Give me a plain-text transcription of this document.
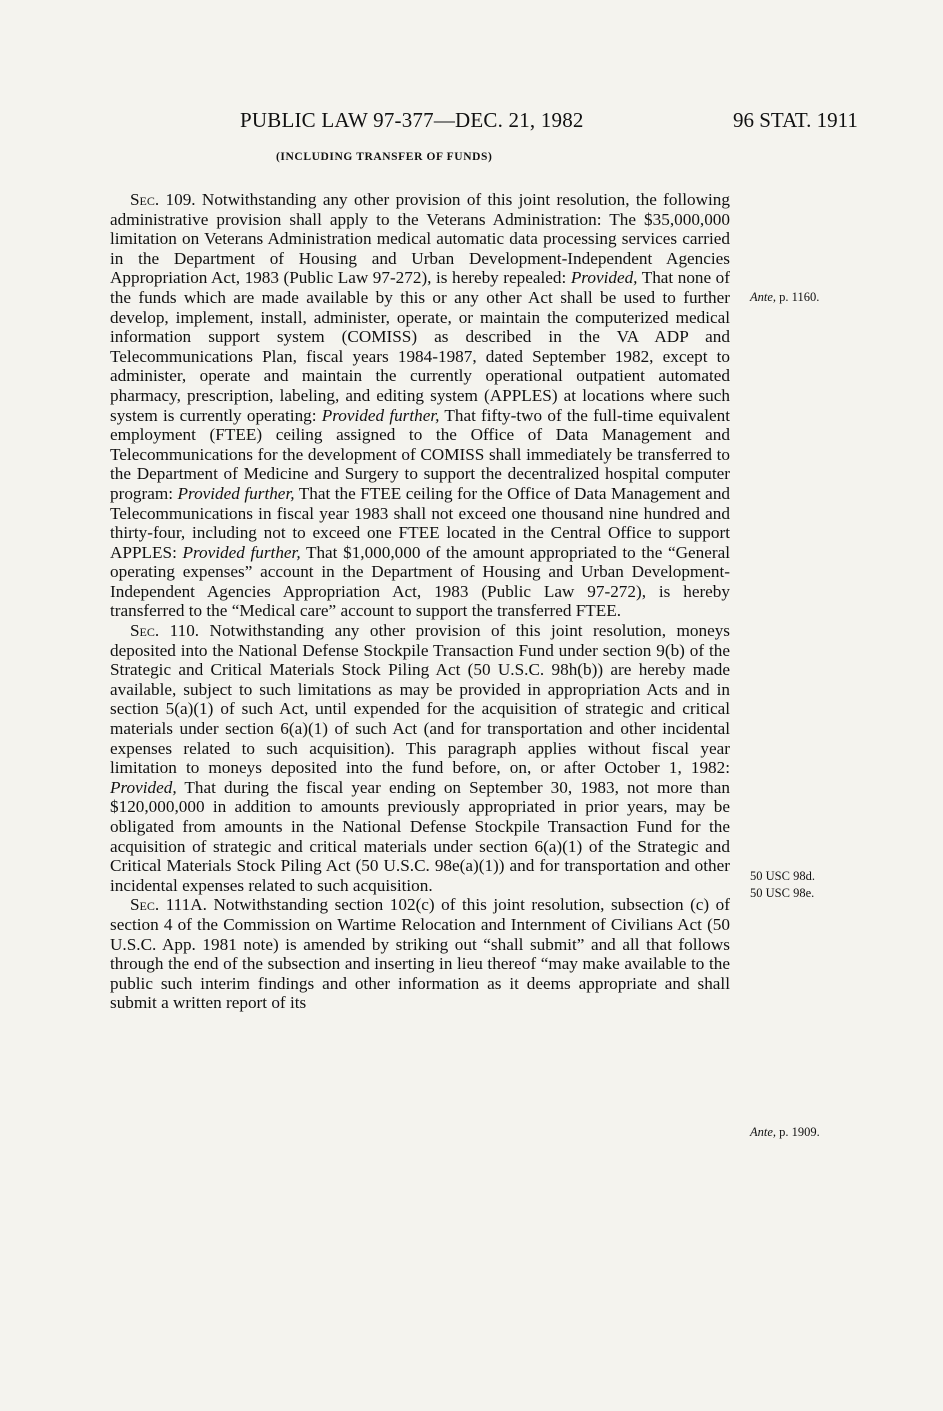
PUBLIC LAW 97-377—DEC. 21, 1982	96 STAT. 1911
(INCLUDING TRANSFER OF FUNDS)

Sec. 109. Notwithstanding any other provision of this joint resolution, the following administrative provision shall apply to the Veterans Administration: The $35,000,000 limitation on Veterans Administration medical automatic data processing services carried in the Department of Housing and Urban Development-Independent Agencies Appropriation Act, 1983 (Public Law 97-272), is hereby repealed: Provided, That none of the funds which are made available by this or any other Act shall be used to further develop, implement, install, administer, operate, or maintain the computerized medical information support system (COMISS) as described in the VA ADP and Telecommunications Plan, fiscal years 1984-1987, dated September 1982, except to administer, operate and maintain the currently operational outpatient automated pharmacy, prescription, labeling, and editing system (APPLES) at locations where such system is currently operating: Provided further, That fifty-two of the full-time equivalent employment (FTEE) ceiling assigned to the Office of Data Management and Telecommunications for the development of COMISS shall immediately be transferred to the Department of Medicine and Surgery to support the decentralized hospital computer program: Provided further, That the FTEE ceiling for the Office of Data Management and Telecommunications in fiscal year 1983 shall not exceed one thousand nine hundred and thirty-four, including not to exceed one FTEE located in the Central Office to support APPLES: Provided further, That $1,000,000 of the amount appropriated to the “General operating expenses” account in the Department of Housing and Urban Development-Independent Agencies Appropriation Act, 1983 (Public Law 97-272), is hereby transferred to the “Medical care” account to support the transferred FTEE.

Sec. 110. Notwithstanding any other provision of this joint resolution, moneys deposited into the National Defense Stockpile Transaction Fund under section 9(b) of the Strategic and Critical Materials Stock Piling Act (50 U.S.C. 98h(b)) are hereby made available, subject to such limitations as may be provided in appropriation Acts and in section 5(a)(1) of such Act, until expended for the acquisition of strategic and critical materials under section 6(a)(1) of such Act (and for transportation and other incidental expenses related to such acquisition). This paragraph applies without fiscal year limitation to moneys deposited into the fund before, on, or after October 1, 1982: Provided, That during the fiscal year ending on September 30, 1983, not more than $120,000,000 in addition to amounts previously appropriated in prior years, may be obligated from amounts in the National Defense Stockpile Transaction Fund for the acquisition of strategic and critical materials under section 6(a)(1) of the Strategic and Critical Materials Stock Piling Act (50 U.S.C. 98e(a)(1)) and for transportation and other incidental expenses related to such acquisition.

Sec. 111A. Notwithstanding section 102(c) of this joint resolution, subsection (c) of section 4 of the Commission on Wartime Relocation and Internment of Civilians Act (50 U.S.C. App. 1981 note) is amended by striking out “shall submit” and all that follows through the end of the subsection and inserting in lieu thereof “may make available to the public such interim findings and other information as it deems appropriate and shall submit a written report of its

Ante, p. 1160.
50 USC 98d.
50 USC 98e.
Ante, p. 1909.
